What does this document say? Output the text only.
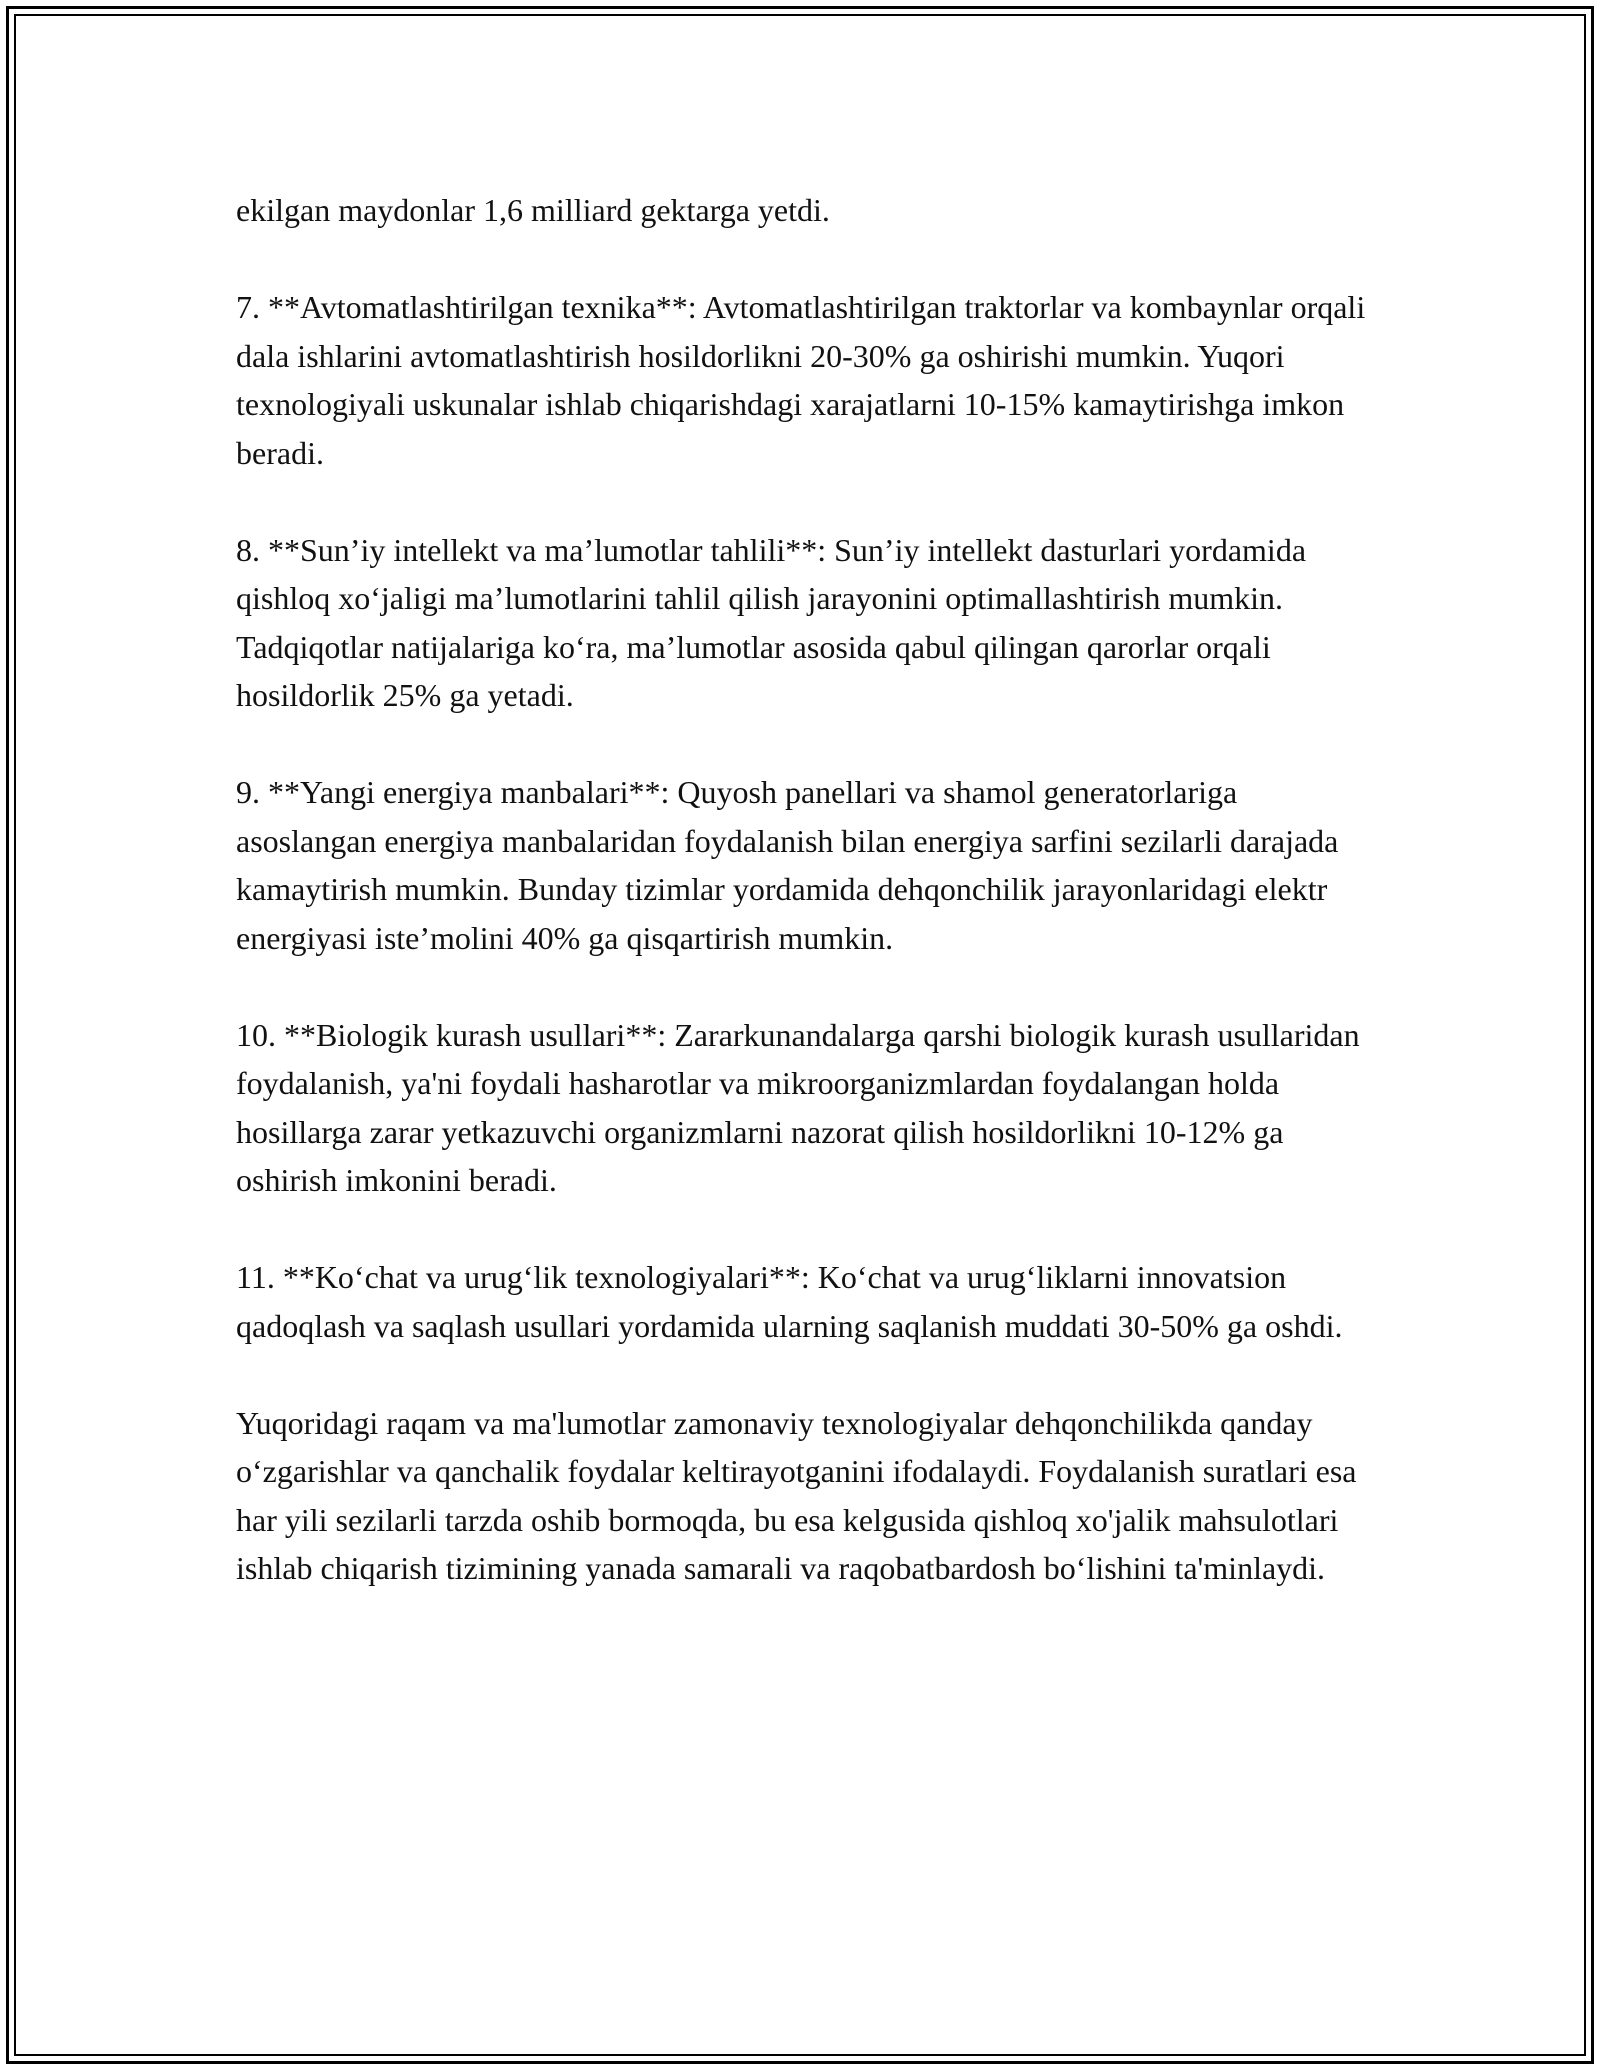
ekilgan maydonlar 1,6 milliard gektarga yetdi.

7. **Avtomatlashtirilgan texnika**: Avtomatlashtirilgan traktorlar va kombaynlar orqali dala ishlarini avtomatlashtirish hosildorlikni 20-30% ga oshirishi mumkin. Yuqori texnologiyali uskunalar ishlab chiqarishdagi xarajatlarni 10-15% kamaytirishga imkon beradi.

8. **Sun’iy intellekt va ma’lumotlar tahlili**: Sun’iy intellekt dasturlari yordamida qishloq xo‘jaligi ma’lumotlarini tahlil qilish jarayonini optimallashtirish mumkin. Tadqiqotlar natijalariga ko‘ra, ma’lumotlar asosida qabul qilingan qarorlar orqali hosildorlik 25% ga yetadi.

9. **Yangi energiya manbalari**: Quyosh panellari va shamol generatorlariga asoslangan energiya manbalaridan foydalanish bilan energiya sarfini sezilarli darajada kamaytirish mumkin. Bunday tizimlar yordamida dehqonchilik jarayonlaridagi elektr energiyasi iste’molini 40% ga qisqartirish mumkin.

10. **Biologik kurash usullari**: Zararkunandalarga qarshi biologik kurash usullaridan foydalanish, ya'ni foydali hasharotlar va mikroorganizmlardan foydalangan holda hosillarga zarar yetkazuvchi organizmlarni nazorat qilish hosildorlikni 10-12% ga oshirish imkonini beradi.

11. **Ko‘chat va urug‘lik texnologiyalari**: Ko‘chat va urug‘liklarni innovatsion qadoqlash va saqlash usullari yordamida ularning saqlanish muddati 30-50% ga oshdi.

Yuqoridagi raqam va ma'lumotlar zamonaviy texnologiyalar dehqonchilikda qanday o‘zgarishlar va qanchalik foydalar keltirayotganini ifodalaydi. Foydalanish suratlari esa har yili sezilarli tarzda oshib bormoqda, bu esa kelgusida qishloq xo'jalik mahsulotlari ishlab chiqarish tizimining yanada samarali va raqobatbardosh bo‘lishini ta'minlaydi.
